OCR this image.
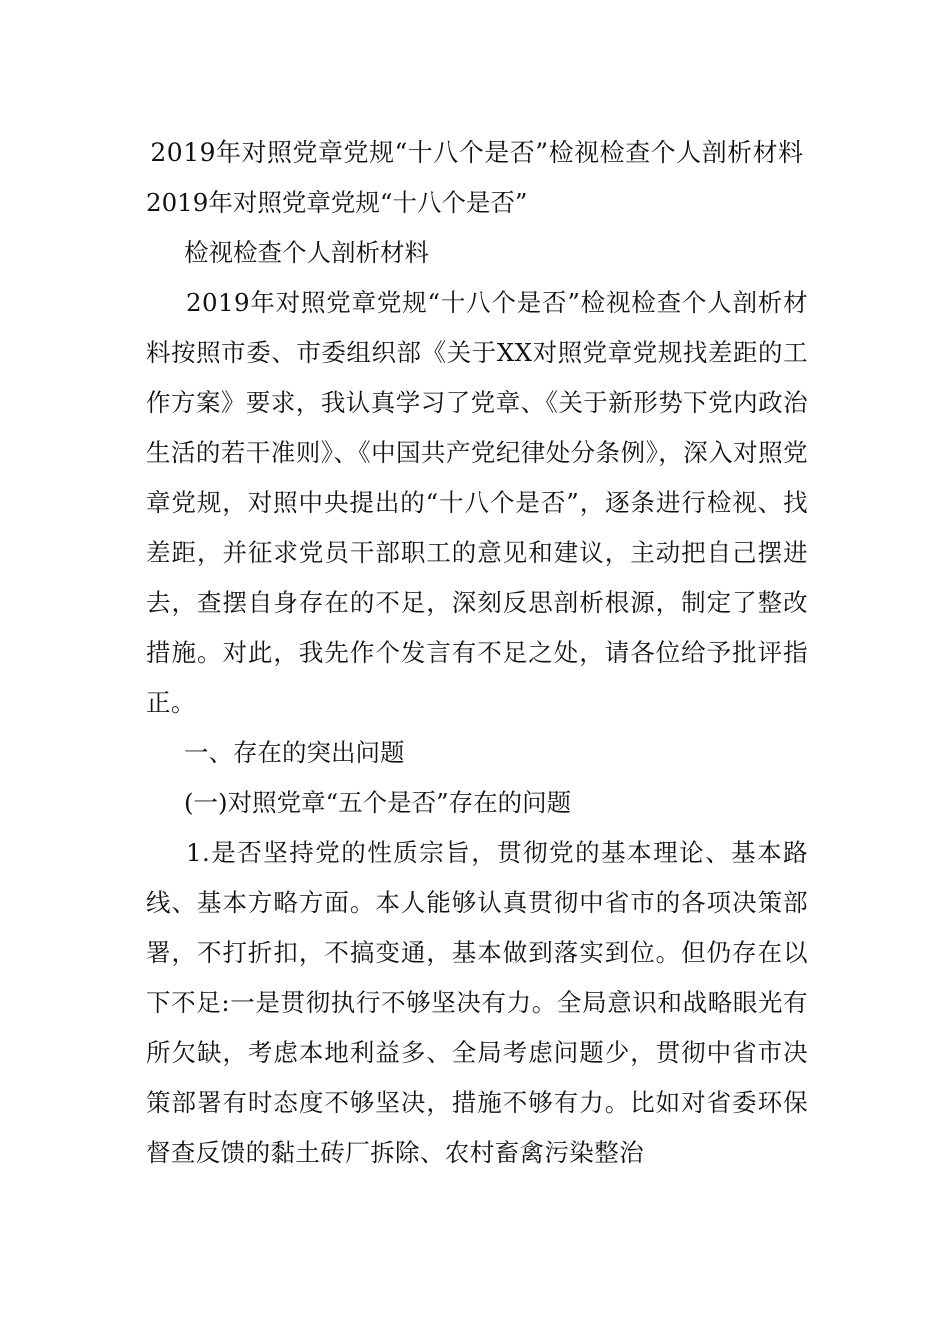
2019年对照党章党规“十八个是否”检视检查个人剖析材料

2019年对照党章党规“十八个是否”

检视检查个人剖析材料

2019年对照党章党规“十八个是否”检视检查个人剖析材料按照市委、市委组织部《关于XX对照党章党规找差距的工作方案》要求，我认真学习了党章、《关于新形势下党内政治生活的若干准则》、《中国共产党纪律处分条例》，深入对照党章党规，对照中央提出的“十八个是否”，逐条进行检视、找差距，并征求党员干部职工的意见和建议，主动把自己摆进去，查摆自身存在的不足，深刻反思剖析根源，制定了整改措施。对此，我先作个发言有不足之处，请各位给予批评指正。

一、存在的突出问题

(一)对照党章“五个是否”存在的问题

1.是否坚持党的性质宗旨，贯彻党的基本理论、基本路线、基本方略方面。本人能够认真贯彻中省市的各项决策部署，不打折扣，不搞变通，基本做到落实到位。但仍存在以下不足:一是贯彻执行不够坚决有力。全局意识和战略眼光有所欠缺，考虑本地利益多、全局考虑问题少，贯彻中省市决策部署有时态度不够坚决，措施不够有力。比如对省委环保督查反馈的黏土砖厂拆除、农村畜禽污染整治
